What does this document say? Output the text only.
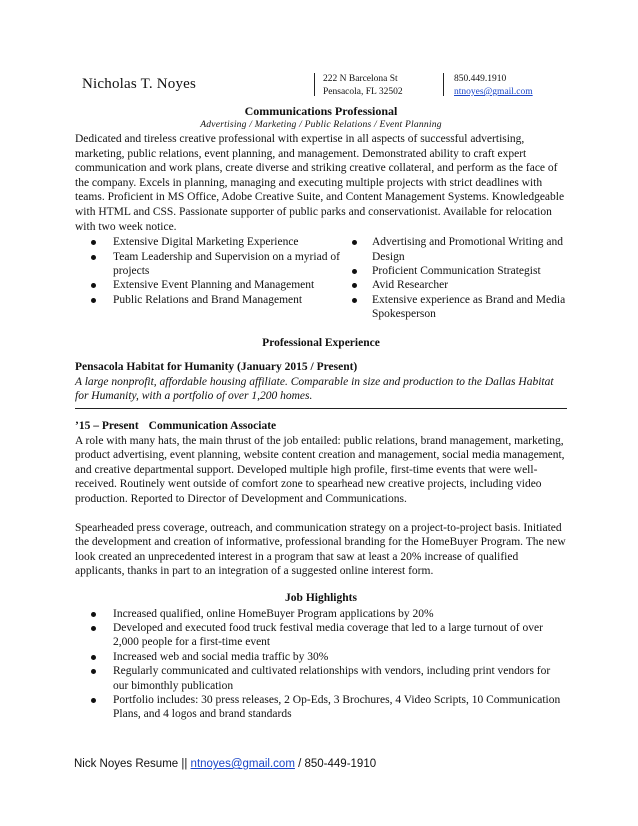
Nicholas T. Noyes	222 N Barcelona St
Pensacola, FL 32502
850.449.1910
ntnoyes@gmail.com

Communications Professional

Advertising / Marketing / Public Relations / Event Planning

Dedicated and tireless creative professional with expertise in all aspects of successful advertising, marketing, public relations, event planning, and management. Demonstrated ability to craft expert communication and work plans, create diverse and striking creative collateral, and perform as the face of the company. Excels in planning, managing and executing multiple projects with strict deadlines with teams. Proficient in MS Office, Adobe Creative Suite, and Content Management Systems. Knowledgeable with HTML and CSS. Passionate supporter of public parks and conservationist. Available for relocation with two week notice.

Extensive Digital Marketing Experience
Team Leadership and Supervision on a myriad of projects
Extensive Event Planning and Management
Public Relations and Brand Management
Advertising and Promotional Writing and Design
Proficient Communication Strategist
Avid Researcher
Extensive experience as Brand and Media Spokesperson
Professional Experience
Pensacola Habitat for Humanity (January 2015 / Present)
A large nonprofit, affordable housing affiliate. Comparable in size and production to the Dallas Habitat for Humanity, with a portfolio of over 1,200 homes.
’15 – Present Communication Associate

A role with many hats, the main thrust of the job entailed: public relations, brand management, marketing, product advertising, event planning, website content creation and management, social media management, and creative departmental support. Developed multiple high profile, first-time events that were well-received. Routinely went outside of comfort zone to spearhead new creative projects, including video production. Reported to Director of Development and Communications.

Spearheaded press coverage, outreach, and communication strategy on a project-to-project basis. Initiated the development and creation of informative, professional branding for the HomeBuyer Program. The new look created an unprecedented interest in a program that saw at least a 20% increase of qualified applicants, thanks in part to an integration of a suggested online interest form.

Job Highlights
Increased qualified, online HomeBuyer Program applications by 20%
Developed and executed food truck festival media coverage that led to a large turnout of over 2,000 people for a first-time event
Increased web and social media traffic by 30%
Regularly communicated and cultivated relationships with vendors, including print vendors for our bimonthly publication
Portfolio includes: 30 press releases, 2 Op-Eds, 3 Brochures, 4 Video Scripts, 10 Communication Plans, and 4 logos and brand standards
Nick Noyes Resume || ntnoyes@gmail.com / 850-449-1910
